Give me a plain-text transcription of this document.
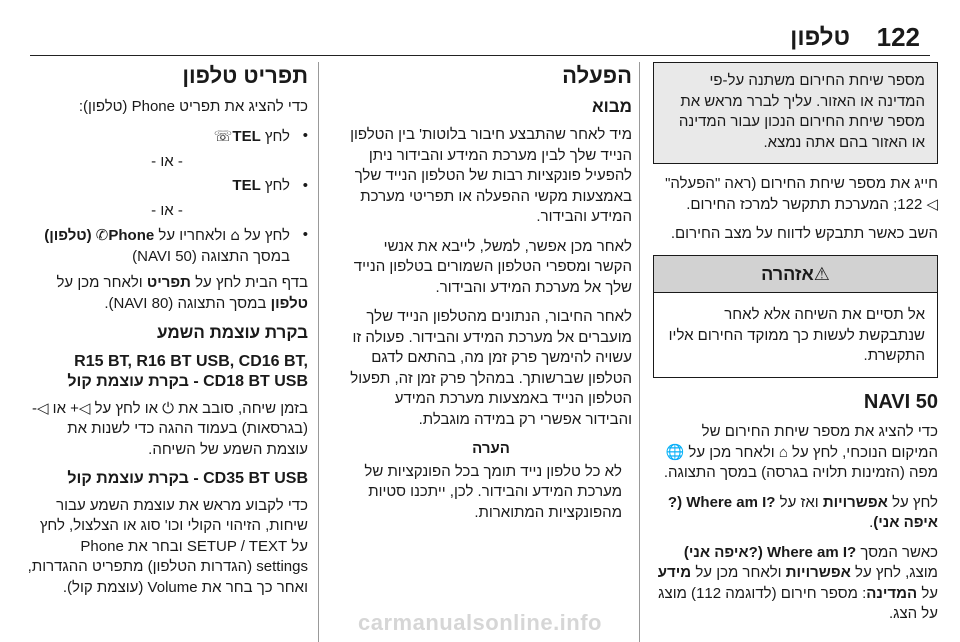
122
טלפון
מספר שיחת החירום משתנה על-פי המדינה או האזור. עליך לברר מראש את מספר שיחת החירום הנכון עבור המדינה או האזור בהם אתה נמצא.

חייג את מספר שיחת החירום (ראה "הפעלה" ◁ 122; המערכת תתקשר למרכז החירום.

השב כאשר תתבקש לדווח על מצב החירום.

⚠אזהרה
אל תסיים את השיחה אלא לאחר שנתבקשת לעשות כך ממוקד החירום אליו התקשרת.
NAVI 50

כדי להציג את מספר שיחת החירום של המיקום הנוכחי, לחץ על ⌂ ולאחר מכן על 🌐מפה (הזמינות תלויה בגרסה) במסך התצוגה.

לחץ על אפשרויות ואז על Where am I? (?איפה אני).

כאשר המסך Where am I? (?איפה אני) מוצג, לחץ על אפשרויות ולאחר מכן על מידע על המדינה: מספר חירום (לדוגמה 112) מוצג על הצג.

הפעלה
מבוא

מיד לאחר שהתבצע חיבור בלוטות' בין הטלפון הנייד שלך לבין מערכת המידע והבידור ניתן להפעיל פונקציות רבות של הטלפון הנייד שלך באמצעות מקשי ההפעלה או תפריטי מערכת המידע והבידור.

לאחר מכן אפשר, למשל, לייבא את אנשי הקשר ומספרי הטלפון השמורים בטלפון הנייד שלך אל מערכת המידע והבידור.

לאחר החיבור, הנתונים מהטלפון הנייד שלך מועברים אל מערכת המידע והבידור. פעולה זו עשויה להימשך פרק זמן מה, בהתאם לדגם הטלפון שברשותך. במהלך פרק זמן זה, תפעול הטלפון הנייד באמצעות מערכת המידע והבידור אפשרי רק במידה מוגבלת.

הערה
לא כל טלפון נייד תומך בכל הפונקציות של מערכת המידע והבידור. לכן, ייתכנו סטיות מהפונקציות המתוארות.
תפריט טלפון

כדי להציג את תפריט Phone (טלפון):

• לחץ TEL☏
- או -
• לחץ TEL
- או -
• לחץ על ⌂ ולאחריו על Phone✆ (טלפון) במסך התצוגה (NAVI 50)

בדף הבית לחץ על תפריט ולאחר מכן על טלפון במסך התצוגה (NAVI 80).

בקרת עוצמת השמע
R15 BT, R16 BT USB, CD16 BT,
CD18 BT USB - בקרת עוצמת קול

בזמן שיחה, סובב את ⏻ או לחץ על ◁+ או ◁- (בגרסאות) בעמוד ההגה כדי לשנות את עוצמת השמע של השיחה.

CD35 BT USB - בקרת עוצמת קול

כדי לקבוע מראש את עוצמת השמע עבור שיחות, הזיהוי הקולי וכו' סוג או הצלצול, לחץ על SETUP / TEXT ובחר את Phone settings (הגדרות הטלפון) מתפריט ההגדרות, ואחר כך בחר את Volume (עוצמת קול).

carmanualsonline.info
